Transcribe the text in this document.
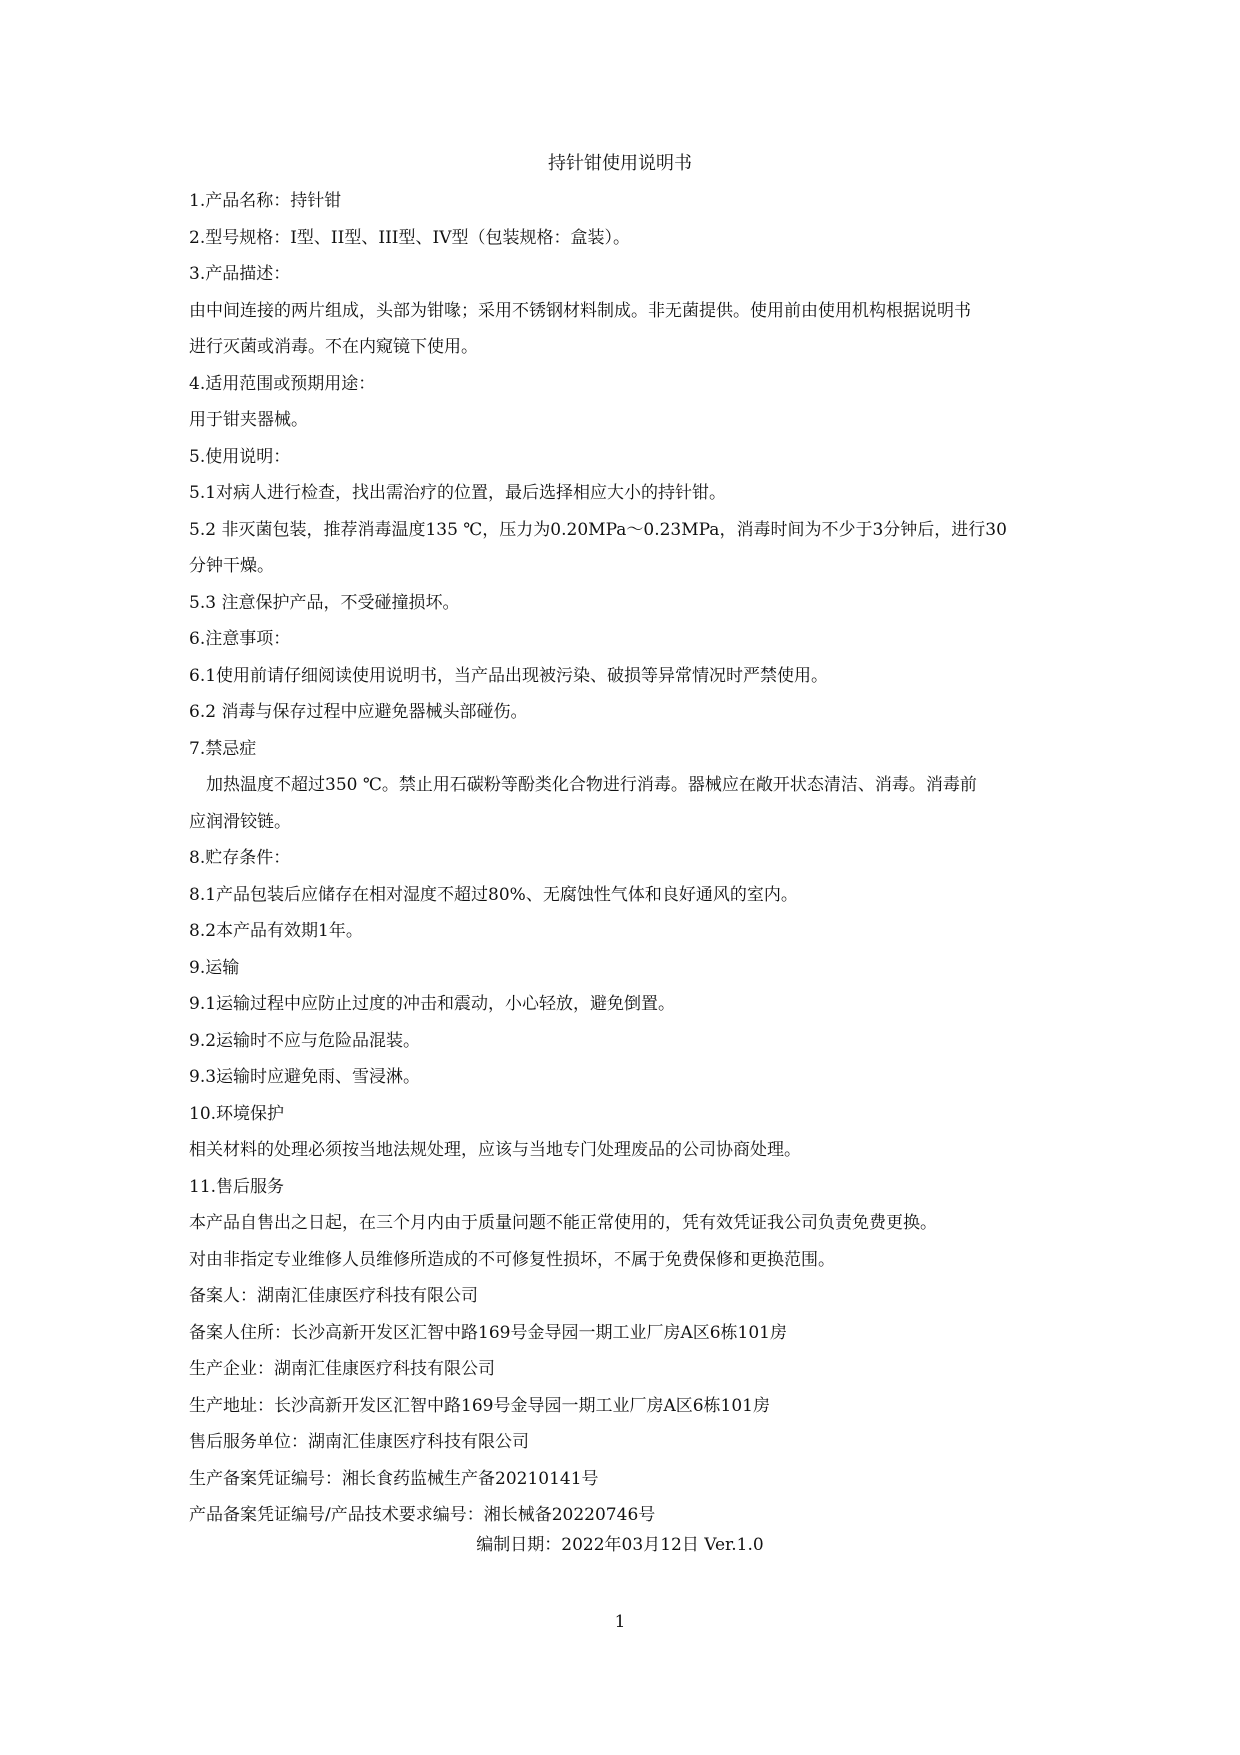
持针钳使用说明书
1.产品名称：持针钳
2.型号规格：I型、II型、III型、IV型（包装规格：盒装）。
3.产品描述：
由中间连接的两片组成，头部为钳喙；采用不锈钢材料制成。非无菌提供。使用前由使用机构根据说明书
进行灭菌或消毒。不在内窥镜下使用。
4.适用范围或预期用途：
用于钳夹器械。
5.使用说明：
5.1对病人进行检查，找出需治疗的位置，最后选择相应大小的持针钳。
5.2 非灭菌包装，推荐消毒温度135 ℃，压力为0.20MPa～0.23MPa，消毒时间为不少于3分钟后，进行30
分钟干燥。
5.3 注意保护产品，不受碰撞损坏。
6.注意事项：
6.1使用前请仔细阅读使用说明书，当产品出现被污染、破损等异常情况时严禁使用。
6.2 消毒与保存过程中应避免器械头部碰伤。
7.禁忌症
加热温度不超过350 ℃。禁止用石碳粉等酚类化合物进行消毒。器械应在敞开状态清洁、消毒。消毒前
应润滑铰链。
8.贮存条件：
8.1产品包装后应储存在相对湿度不超过80%、无腐蚀性气体和良好通风的室内。
8.2本产品有效期1年。
9.运输
9.1运输过程中应防止过度的冲击和震动，小心轻放，避免倒置。
9.2运输时不应与危险品混装。
9.3运输时应避免雨、雪浸淋。
10.环境保护
相关材料的处理必须按当地法规处理，应该与当地专门处理废品的公司协商处理。
11.售后服务
本产品自售出之日起，在三个月内由于质量问题不能正常使用的，凭有效凭证我公司负责免费更换。
对由非指定专业维修人员维修所造成的不可修复性损坏，不属于免费保修和更换范围。
备案人：湖南汇佳康医疗科技有限公司
备案人住所：长沙高新开发区汇智中路169号金导园一期工业厂房A区6栋101房
生产企业：湖南汇佳康医疗科技有限公司
生产地址：长沙高新开发区汇智中路169号金导园一期工业厂房A区6栋101房
售后服务单位：湖南汇佳康医疗科技有限公司
生产备案凭证编号：湘长食药监械生产备20210141号
产品备案凭证编号/产品技术要求编号：湘长械备20220746号
编制日期：2022年03月12日 Ver.1.0
1
